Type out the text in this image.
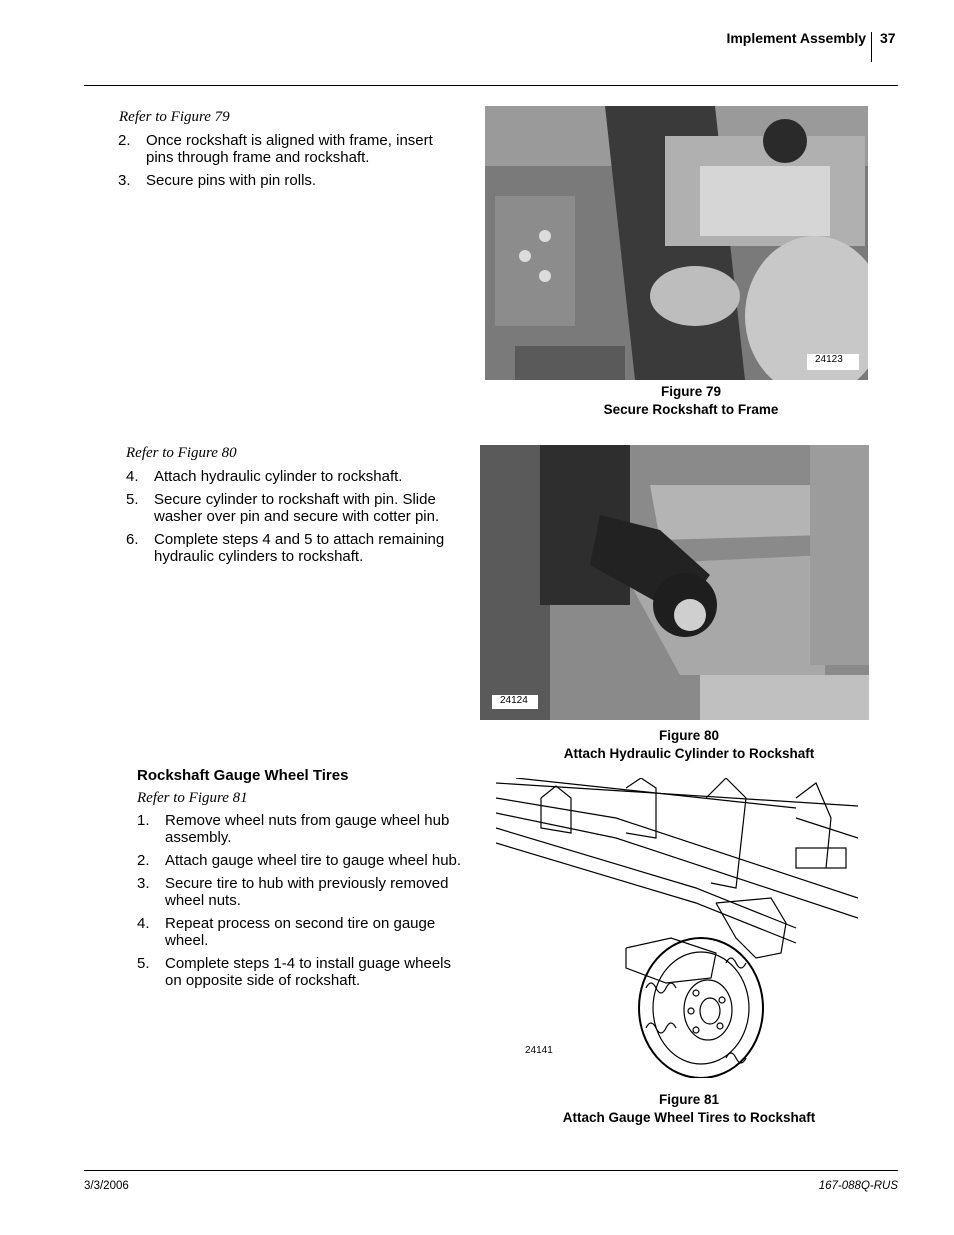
Implement Assembly 37
Refer to Figure 79
2. Once rockshaft is aligned with frame, insert pins through frame and rockshaft.
3. Secure pins with pin rolls.
24123
Figure 79
Secure Rockshaft to Frame
Refer to Figure 80
4. Attach hydraulic cylinder to rockshaft.
5. Secure cylinder to rockshaft with pin. Slide washer over pin and secure with cotter pin.
6. Complete steps 4 and 5 to attach remaining hydraulic cylinders to rockshaft.
24124
Figure 80
Attach Hydraulic Cylinder to Rockshaft
Rockshaft Gauge Wheel Tires
Refer to Figure 81
1. Remove wheel nuts from gauge wheel hub assembly.
2. Attach gauge wheel tire to gauge wheel hub.
3. Secure tire to hub with previously removed wheel nuts.
4. Repeat process on second tire on gauge wheel.
5. Complete steps 1-4 to install guage wheels on opposite side of rockshaft.
24141
Figure 81
Attach Gauge Wheel Tires to Rockshaft
3/3/2006	167-088Q-RUS
